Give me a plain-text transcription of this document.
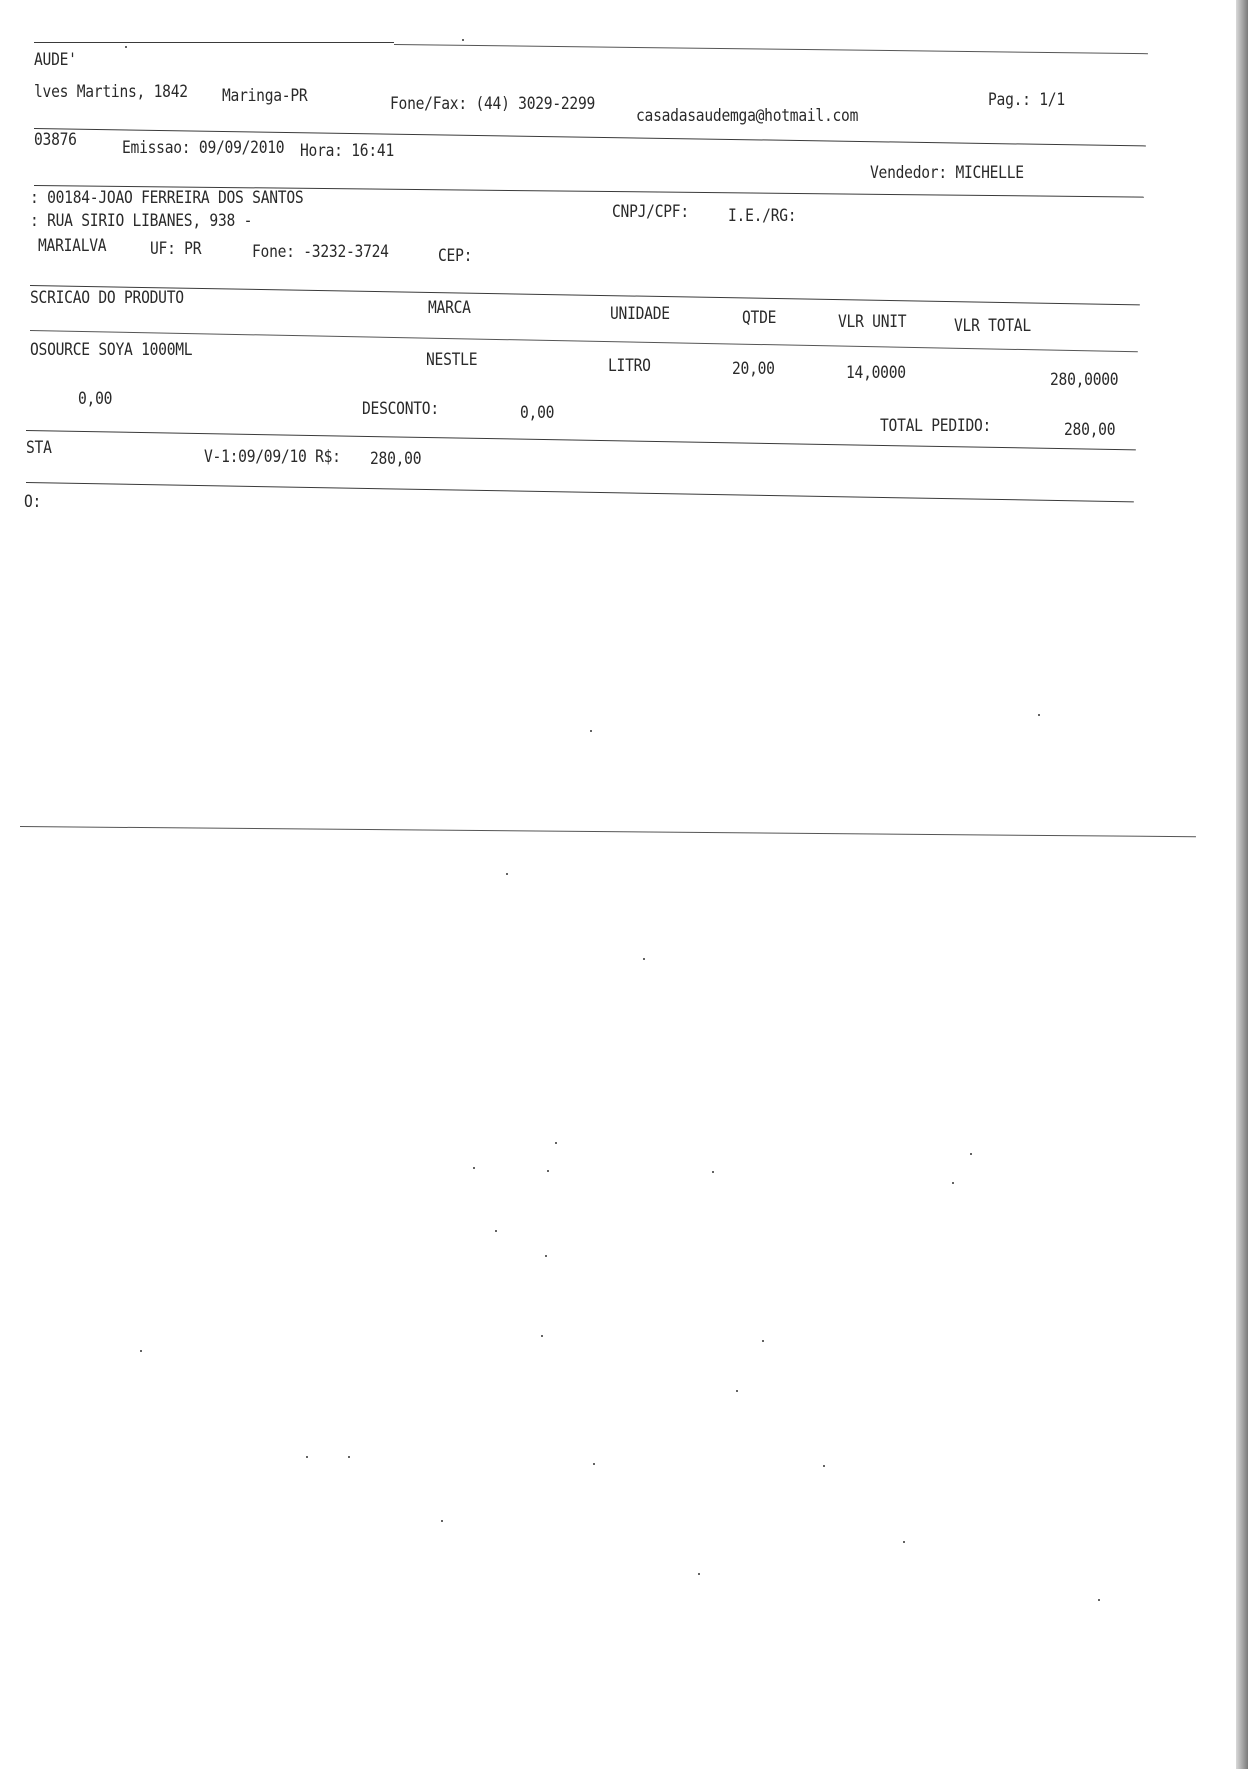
AUDE'
lves Martins, 1842 Maringa-PR	Fone/Fax: (44) 3029-2299
casadasaudemga@hotmail.com
Pag.: 1/1
03876	Emissao: 09/09/2010 Hora: 16:41
Vendedor: MICHELLE
: 00184-JOAO FERREIRA DOS SANTOS
: RUA SIRIO LIBANES, 938 -
MARIALVA	UF: PR	Fone: -3232-3724	CEP:
CNPJ/CPF: I.E./RG:
SCRICAO DO PRODUTO	MARCA	UNIDADE	QTDE	VLR UNIT	VLR TOTAL
OSOURCE SOYA 1000ML	NESTLE	LITRO	20,00	14,0000	280,0000
0,00	DESCONTO:	0,00
TOTAL PEDIDO:	280,00
STA	V-1:09/09/10 R$: 280,00
O:
